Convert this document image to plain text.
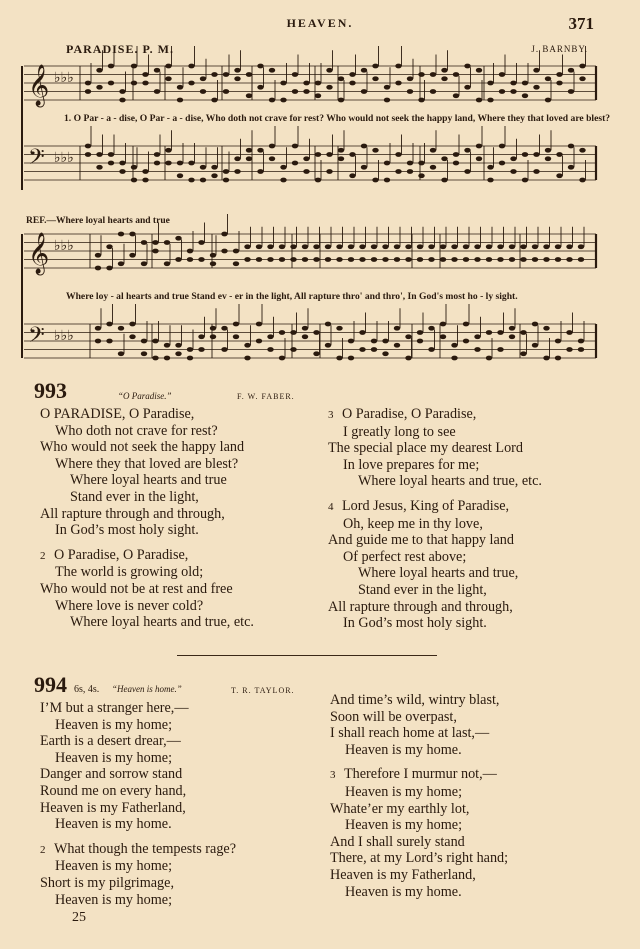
HEAVEN.	371
𝄞 ♭♭♭
𝄢 ♭♭♭
𝄞 ♭♭♭
𝄢 ♭♭♭
PARADISE. P. M.	J. BARNBY.
1. O Par - a - dise, O Par - a - dise, Who doth not crave for rest? Who would not seek the happy land, Where they that loved are blest?
REF.—Where loyal hearts and true
Where loy - al hearts and true Stand ev - er in the light, All rapture thro' and thro', In God's most ho - ly sight.
993	“O Paradise.”	F. W. FABER.
O PARADISE, O Paradise,
Who doth not crave for rest?
Who would not seek the happy land
Where they that loved are blest?
Where loyal hearts and true
Stand ever in the light,
All rapture through and through,
In God’s most holy sight.

2 O Paradise, O Paradise,
The world is growing old;
Who would not be at rest and free
Where love is never cold?
Where loyal hearts and true, etc.
3 O Paradise, O Paradise,
I greatly long to see
The special place my dearest Lord
In love prepares for me;
Where loyal hearts and true, etc.

4 Lord Jesus, King of Paradise,
Oh, keep me in thy love,
And guide me to that happy land
Of perfect rest above;
Where loyal hearts and true,
Stand ever in the light,
All rapture through and through,
In God’s most holy sight.
994 6s, 4s. “Heaven is home.”	T. R. TAYLOR.
I’M but a stranger here,—
Heaven is my home;
Earth is a desert drear,—
Heaven is my home;
Danger and sorrow stand
Round me on every hand,
Heaven is my Fatherland,
Heaven is my home.

2 What though the tempests rage?
Heaven is my home;
Short is my pilgrimage,
Heaven is my home;
And time’s wild, wintry blast,
Soon will be overpast,
I shall reach home at last,—
Heaven is my home.

3 Therefore I murmur not,—
Heaven is my home;
Whate’er my earthly lot,
Heaven is my home;
And I shall surely stand
There, at my Lord’s right hand;
Heaven is my Fatherland,
Heaven is my home.
25
